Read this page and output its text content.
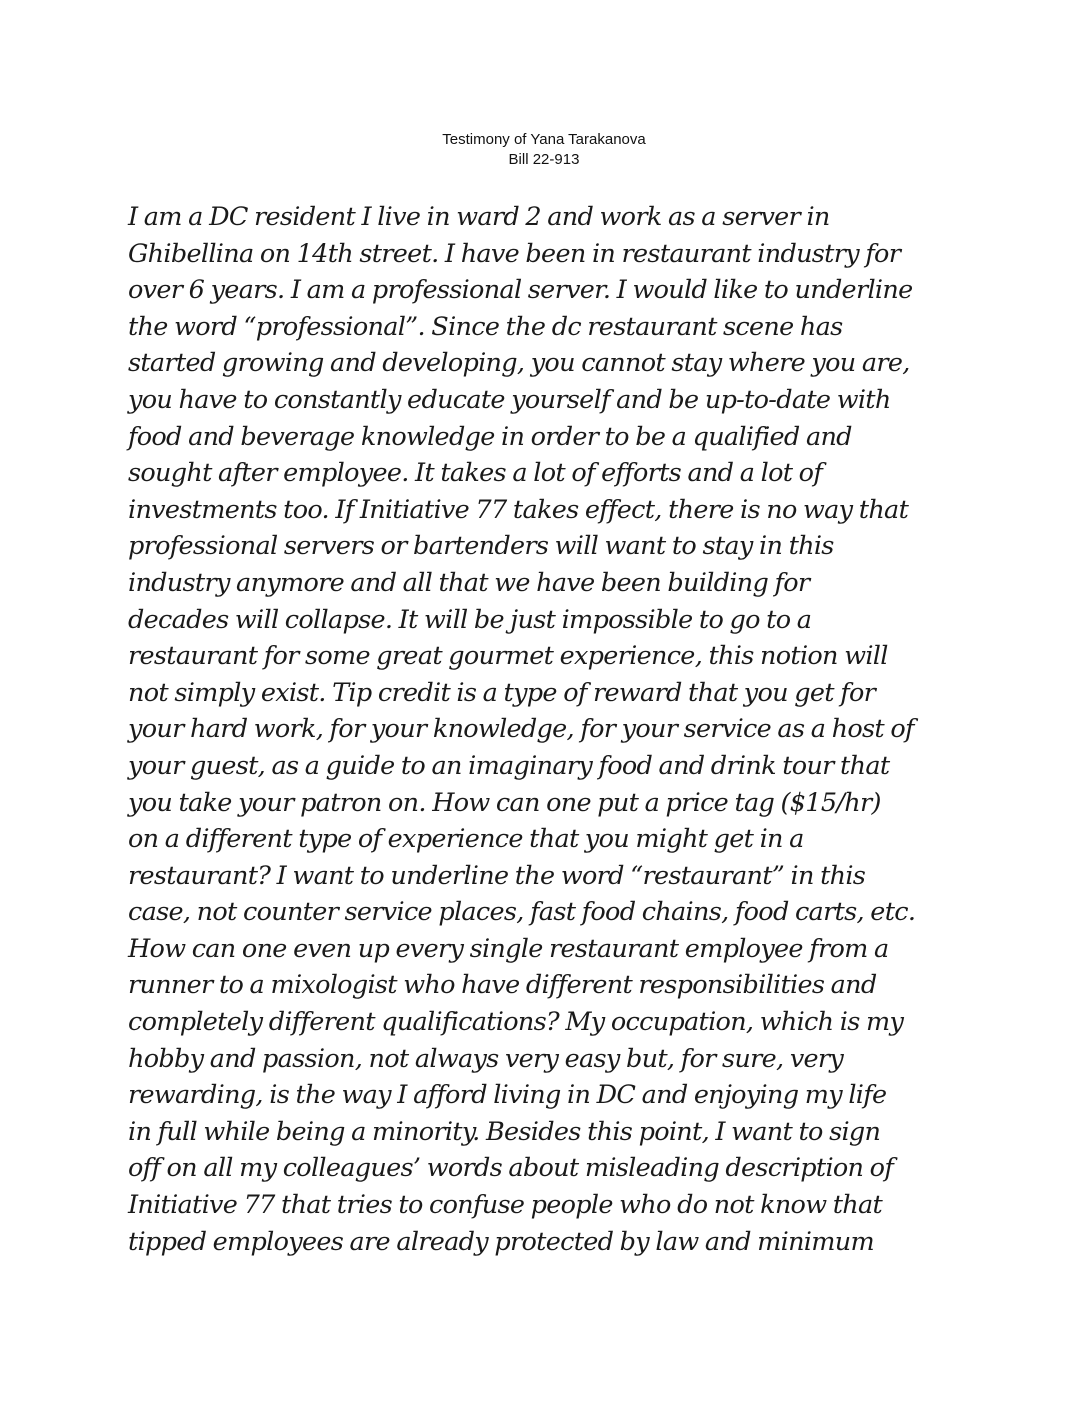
Testimony of Yana Tarakanova
Bill 22-913
I am a DC resident I live in ward 2 and work as a server in
Ghibellina on 14th street. I have been in restaurant industry for
over 6 years. I am a professional server. I would like to underline
the word “professional”. Since the dc restaurant scene has
started growing and developing, you cannot stay where you are,
you have to constantly educate yourself and be up-to-date with
food and beverage knowledge in order to be a qualified and
sought after employee. It takes a lot of efforts and a lot of
investments too. If Initiative 77 takes effect, there is no way that
professional servers or bartenders will want to stay in this
industry anymore and all that we have been building for
decades will collapse. It will be just impossible to go to a
restaurant for some great gourmet experience, this notion will
not simply exist. Tip credit is a type of reward that you get for
your hard work, for your knowledge, for your service as a host of
your guest, as a guide to an imaginary food and drink tour that
you take your patron on. How can one put a price tag ($15/hr)
on a different type of experience that you might get in a
restaurant? I want to underline the word “restaurant” in this
case, not counter service places, fast food chains, food carts, etc.
How can one even up every single restaurant employee from a
runner to a mixologist who have different responsibilities and
completely different qualifications? My occupation, which is my
hobby and passion, not always very easy but, for sure, very
rewarding, is the way I afford living in DC and enjoying my life
in full while being a minority. Besides this point, I want to sign
off on all my colleagues’ words about misleading description of
Initiative 77 that tries to confuse people who do not know that
tipped employees are already protected by law and minimum
